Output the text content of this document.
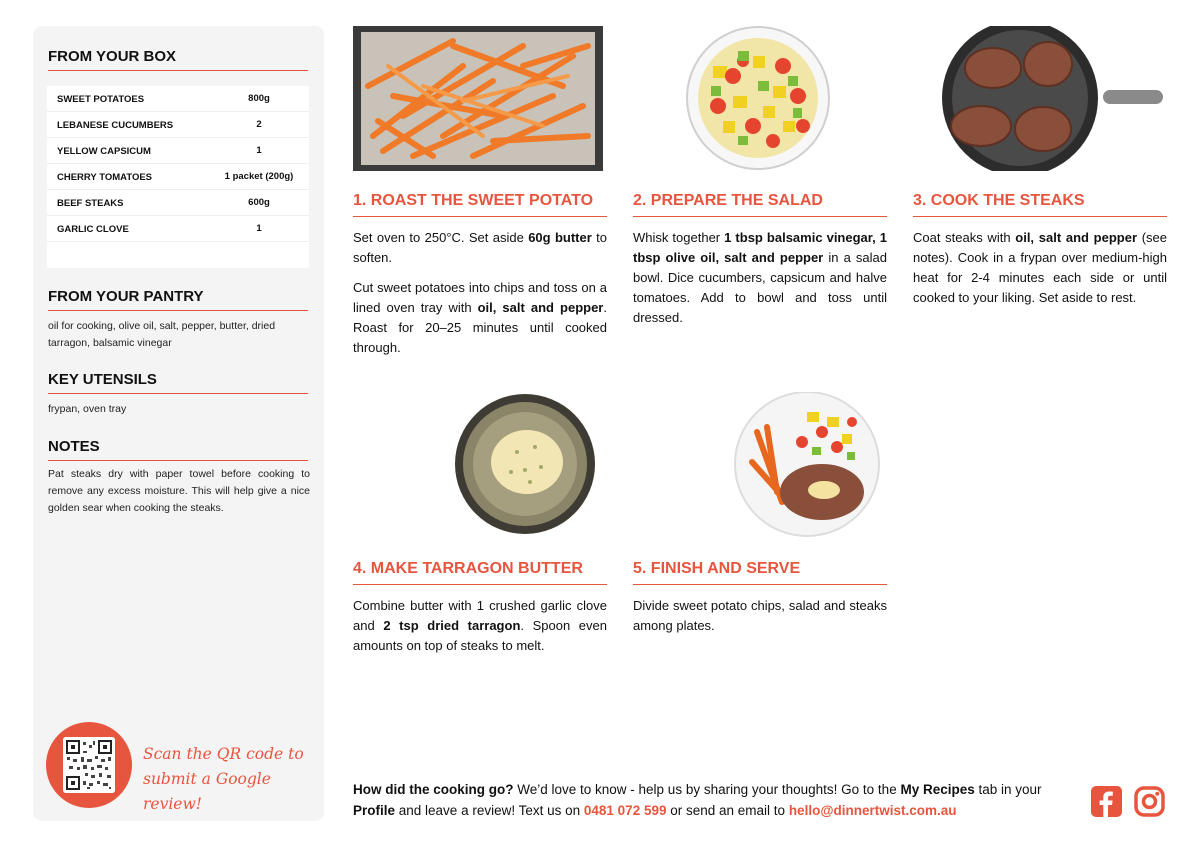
FROM YOUR BOX
SWEET POTATOES	800g
LEBANESE CUCUMBERS	2
YELLOW CAPSICUM	1
CHERRY TOMATOES	1 packet (200g)
BEEF STEAKS	600g
GARLIC CLOVE	1
FROM YOUR PANTRY
oil for cooking, olive oil, salt, pepper, butter, dried tarragon, balsamic vinegar
KEY UTENSILS
frypan, oven tray
NOTES
Pat steaks dry with paper towel before cooking to remove any excess moisture. This will help give a nice golden sear when cooking the steaks.
Scan the QR code to submit a Google review!
1. ROAST THE SWEET POTATO

Set oven to 250°C. Set aside 60g butter to soften.

Cut sweet potatoes into chips and toss on a lined oven tray with oil, salt and pepper. Roast for 20–25 minutes until cooked through.

2. PREPARE THE SALAD

Whisk together 1 tbsp balsamic vinegar, 1 tbsp olive oil, salt and pepper in a salad bowl. Dice cucumbers, capsicum and halve tomatoes. Add to bowl and toss until dressed.

3. COOK THE STEAKS

Coat steaks with oil, salt and pepper (see notes). Cook in a frypan over medium-high heat for 2-4 minutes each side or until cooked to your liking. Set aside to rest.

4. MAKE TARRAGON BUTTER

Combine butter with 1 crushed garlic clove and 2 tsp dried tarragon. Spoon even amounts on top of steaks to melt.

5. FINISH AND SERVE

Divide sweet potato chips, salad and steaks among plates.

How did the cooking go? We’d love to know - help us by sharing your thoughts! Go to the My Recipes tab in your Profile and leave a review! Text us on 0481 072 599 or send an email to hello@dinnertwist.com.au
